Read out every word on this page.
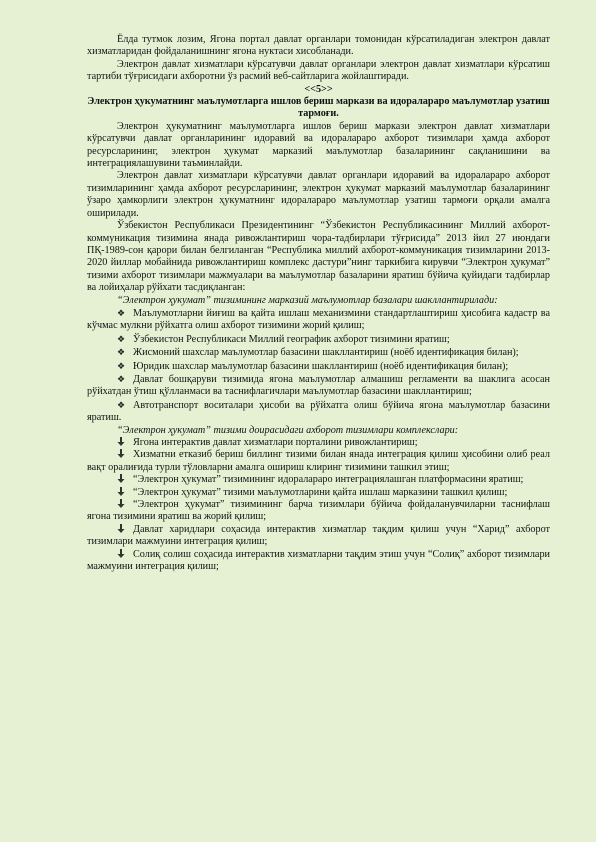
Ёлда тутмок лозим, Ягона портал давлат органлари томонидан кўрсатиладиган электрон давлат хизматларидан фойдаланишнинг ягона нуктаси хисобланади.

Электрон давлат хизматлари кўрсатувчи давлат органлари электрон давлат хизматлари кўрсатиш тартиби тўғрисидаги ахборотни ўз расмий веб-сайтларига жойлаштиради.

<<5>>

Электрон ҳукуматнинг маълумотларга ишлов бериш маркази ва идораларaро маълумотлар узатиш тармоғи.

Электрон ҳукуматнинг маълумотларга ишлов бериш маркази электрон давлат хизматлари кўрсатувчи давлат органларининг идоравий ва идоралараро ахборот тизимлари ҳамда ахборот ресурсларининг, электрон ҳукумат марказий маълумотлар базаларининг сақланишини ва интеграциялашувини таъминлайди.

Электрон давлат хизматлари кўрсатувчи давлат органлари идоравий ва идоралараро ахборот тизимларининг ҳамда ахборот ресурсларининг, электрон ҳукумат марказий маълумотлар базаларининг ўзаро ҳамкорлиги электрон ҳукуматнинг идоралараро маълумотлар узатиш тармоғи орқали амалга оширилади.

Ўзбекистон Республикаси Президентининг “Ўзбекистон Республикасининг Миллий ахборот-коммуникация тизимина янада ривожлантириш чора-тадбирлари тўғрисида” 2013 йил 27 июндаги ПҚ-1989-сон қарори билан белгиланган “Республика миллий ахборот-коммуникация тизимларини 2013-2020 йиллар мобайнида ривожлантириш комплекс дастури”нинг таркибига кирувчи “Электрон ҳукумат” тизими ахборот тизимлари мажмуалари ва маълумотлар базаларини яратиш бўйича қуйидаги тадбирлар ва лойиҳалар рўйхати тасдиқланган:

“Электрон ҳукумат” тизимининг марказий маълумотлар базалари шакллантирилади:

❖ Маълумотларни йиғиш ва қайта ишлаш механизмини стандартлаштириш ҳисобига кадастр ва кўчмас мулкни рўйхатга олиш ахборот тизимини жорий қилиш;

❖ Ўзбекистон Республикаси Миллий географик ахборот тизимини яратиш;

❖ Жисмоний шахслар маълумотлар базасини шакллантириш (ноёб идентификация билан);

❖ Юридик шахслар маълумотлар базасини шакллантириш (ноёб идентификация билан);

❖ Давлат бошқаруви тизимида ягона маълумотлар алмашиш регламенти ва шаклига асосан рўйхатдан ўтиш қўлланмаси ва таснифлагичлари маълумотлар базасини шакллантириш;

❖ Автотранспорт воситалари ҳисоби ва рўйхатга олиш бўйича ягона маълумотлар базасини яратиш.

“Электрон ҳукумат” тизими доирасидаги ахборот тизимлари комплекслари:

Ягона интерактив давлат хизматлари порталини ривожлантириш;

Хизматни етказиб бериш биллинг тизими билан янада интеграция қилиш ҳисобини олиб реал вақт оралиғида турли тўловларни амалга ошириш клиринг тизимини ташкил этиш;

“Электрон ҳукумат” тизимининг идоралараро интеграциялашган платформасини яратиш;

“Электрон ҳукумат” тизими маълумотларини қайта ишлаш марказини ташкил қилиш;

“Электрон ҳукумат” тизимининг барча тизимлари бўйича фойдаланувчиларни таснифлаш ягона тизимини яратиш ва жорий қилиш;

Давлат харидлари соҳасида интерактив хизматлар тақдим қилиш учун “Харид” ахборот тизимлари мажмуини интеграция қилиш;

Солиқ солиш соҳасида интерактив хизматларни тақдим этиш учун “Солиқ” ахборот тизимлари мажмуини интеграция қилиш;
